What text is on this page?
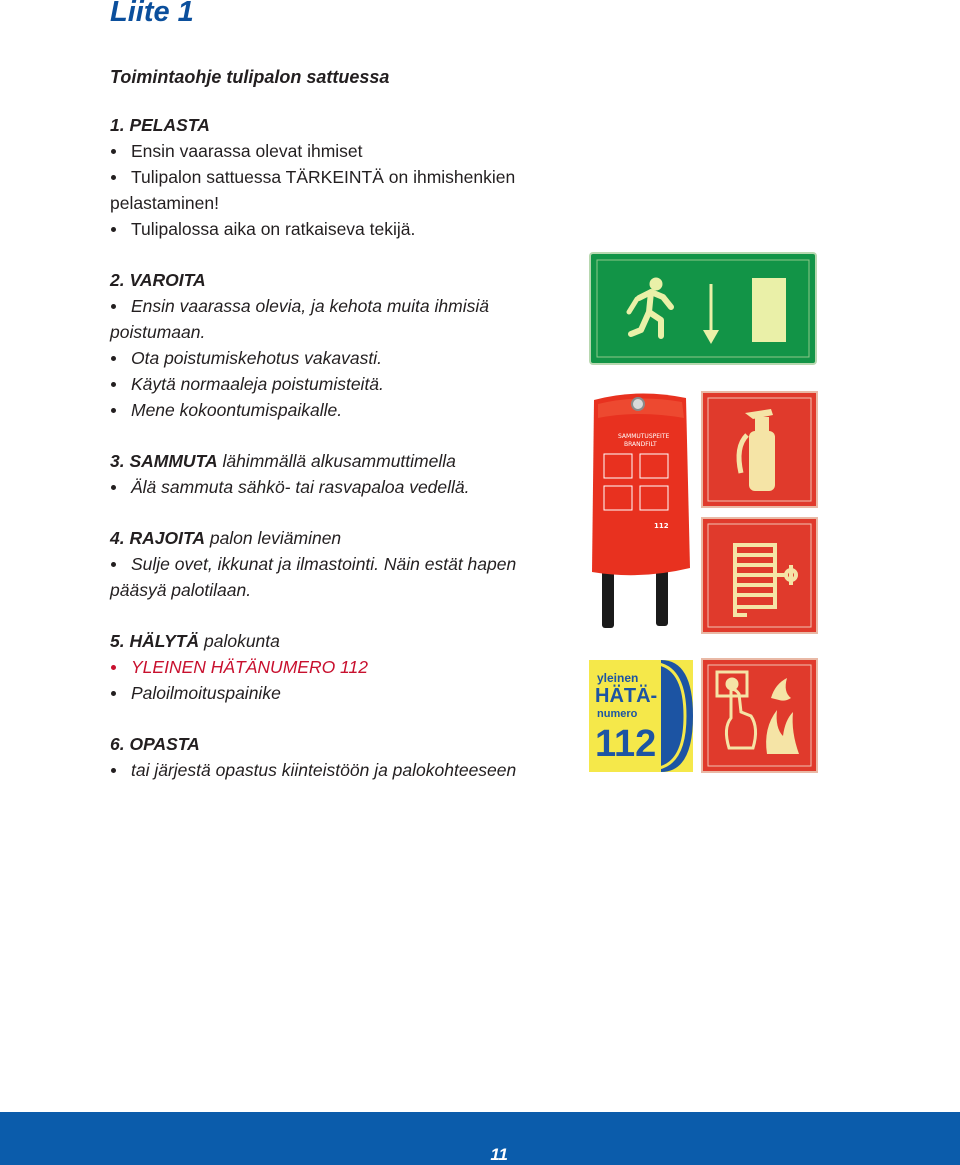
Liite 1
Toimintaohje tulipalon sattuessa

1. PELASTA

Ensin vaarassa olevat ihmiset
Tulipalon sattuessa TÄRKEINTÄ on ihmishenkien
pelastaminen!
Tulipalossa aika on ratkaiseva tekijä.

2. VAROITA

Ensin vaarassa olevia, ja kehota muita ihmisiä
poistumaan.
Ota poistumiskehotus vakavasti.
Käytä normaaleja poistumisteitä.
Mene kokoontumispaikalle.

3. SAMMUTA lähimmällä alkusammuttimella

Älä sammuta sähkö- tai rasvapaloa vedellä.

4. RAJOITA palon leviäminen

Sulje ovet, ikkunat ja ilmastointi. Näin estät hapen
pääsyä palotilaan.

5. HÄLYTÄ palokunta

YLEINEN HÄTÄNUMERO 112
Paloilmoituspainike

6. OPASTA

tai järjestä opastus kiinteistöön ja palokohteeseen
SAMMUTUSPEITE
BRANDFILT
112
yleinen
HÄTÄ-
numero
112
11
